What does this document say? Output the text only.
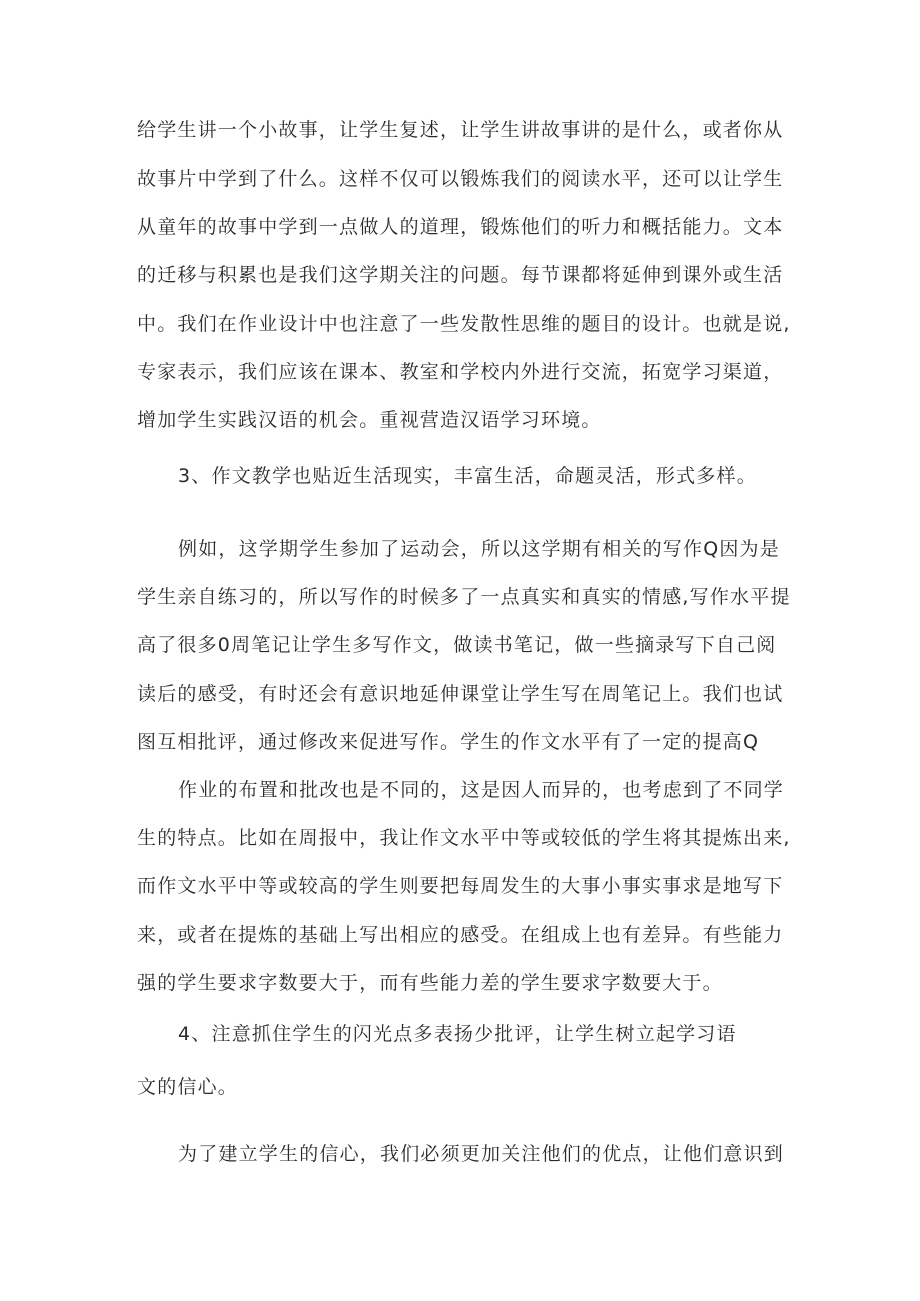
给学生讲一个小故事，让学生复述，让学生讲故事讲的是什么，或者你从

故事片中学到了什么。这样不仅可以锻炼我们的阅读水平，还可以让学生

从童年的故事中学到一点做人的道理，锻炼他们的听力和概括能力。文本

的迁移与积累也是我们这学期关注的问题。每节课都将延伸到课外或生活

中。我们在作业设计中也注意了一些发散性思维的题目的设计。也就是说,

专家表示，我们应该在课本、教室和学校内外进行交流，拓宽学习渠道，

增加学生实践汉语的机会。重视营造汉语学习环境。

3、作文教学也贴近生活现实，丰富生活，命题灵活，形式多样。

例如，这学期学生参加了运动会，所以这学期有相关的写作Q因为是

学生亲自练习的，所以写作的时候多了一点真实和真实的情感,写作水平提

高了很多0周笔记让学生多写作文，做读书笔记，做一些摘录写下自己阅

读后的感受，有时还会有意识地延伸课堂让学生写在周笔记上。我们也试

图互相批评，通过修改来促进写作。学生的作文水平有了一定的提高Q

作业的布置和批改也是不同的，这是因人而异的，也考虑到了不同学

生的特点。比如在周报中，我让作文水平中等或较低的学生将其提炼出来,

而作文水平中等或较高的学生则要把每周发生的大事小事实事求是地写下

来，或者在提炼的基础上写出相应的感受。在组成上也有差异。有些能力

强的学生要求字数要大于，而有些能力差的学生要求字数要大于。

4、注意抓住学生的闪光点多表扬少批评，让学生树立起学习语

文的信心。

为了建立学生的信心，我们必须更加关注他们的优点，让他们意识到
